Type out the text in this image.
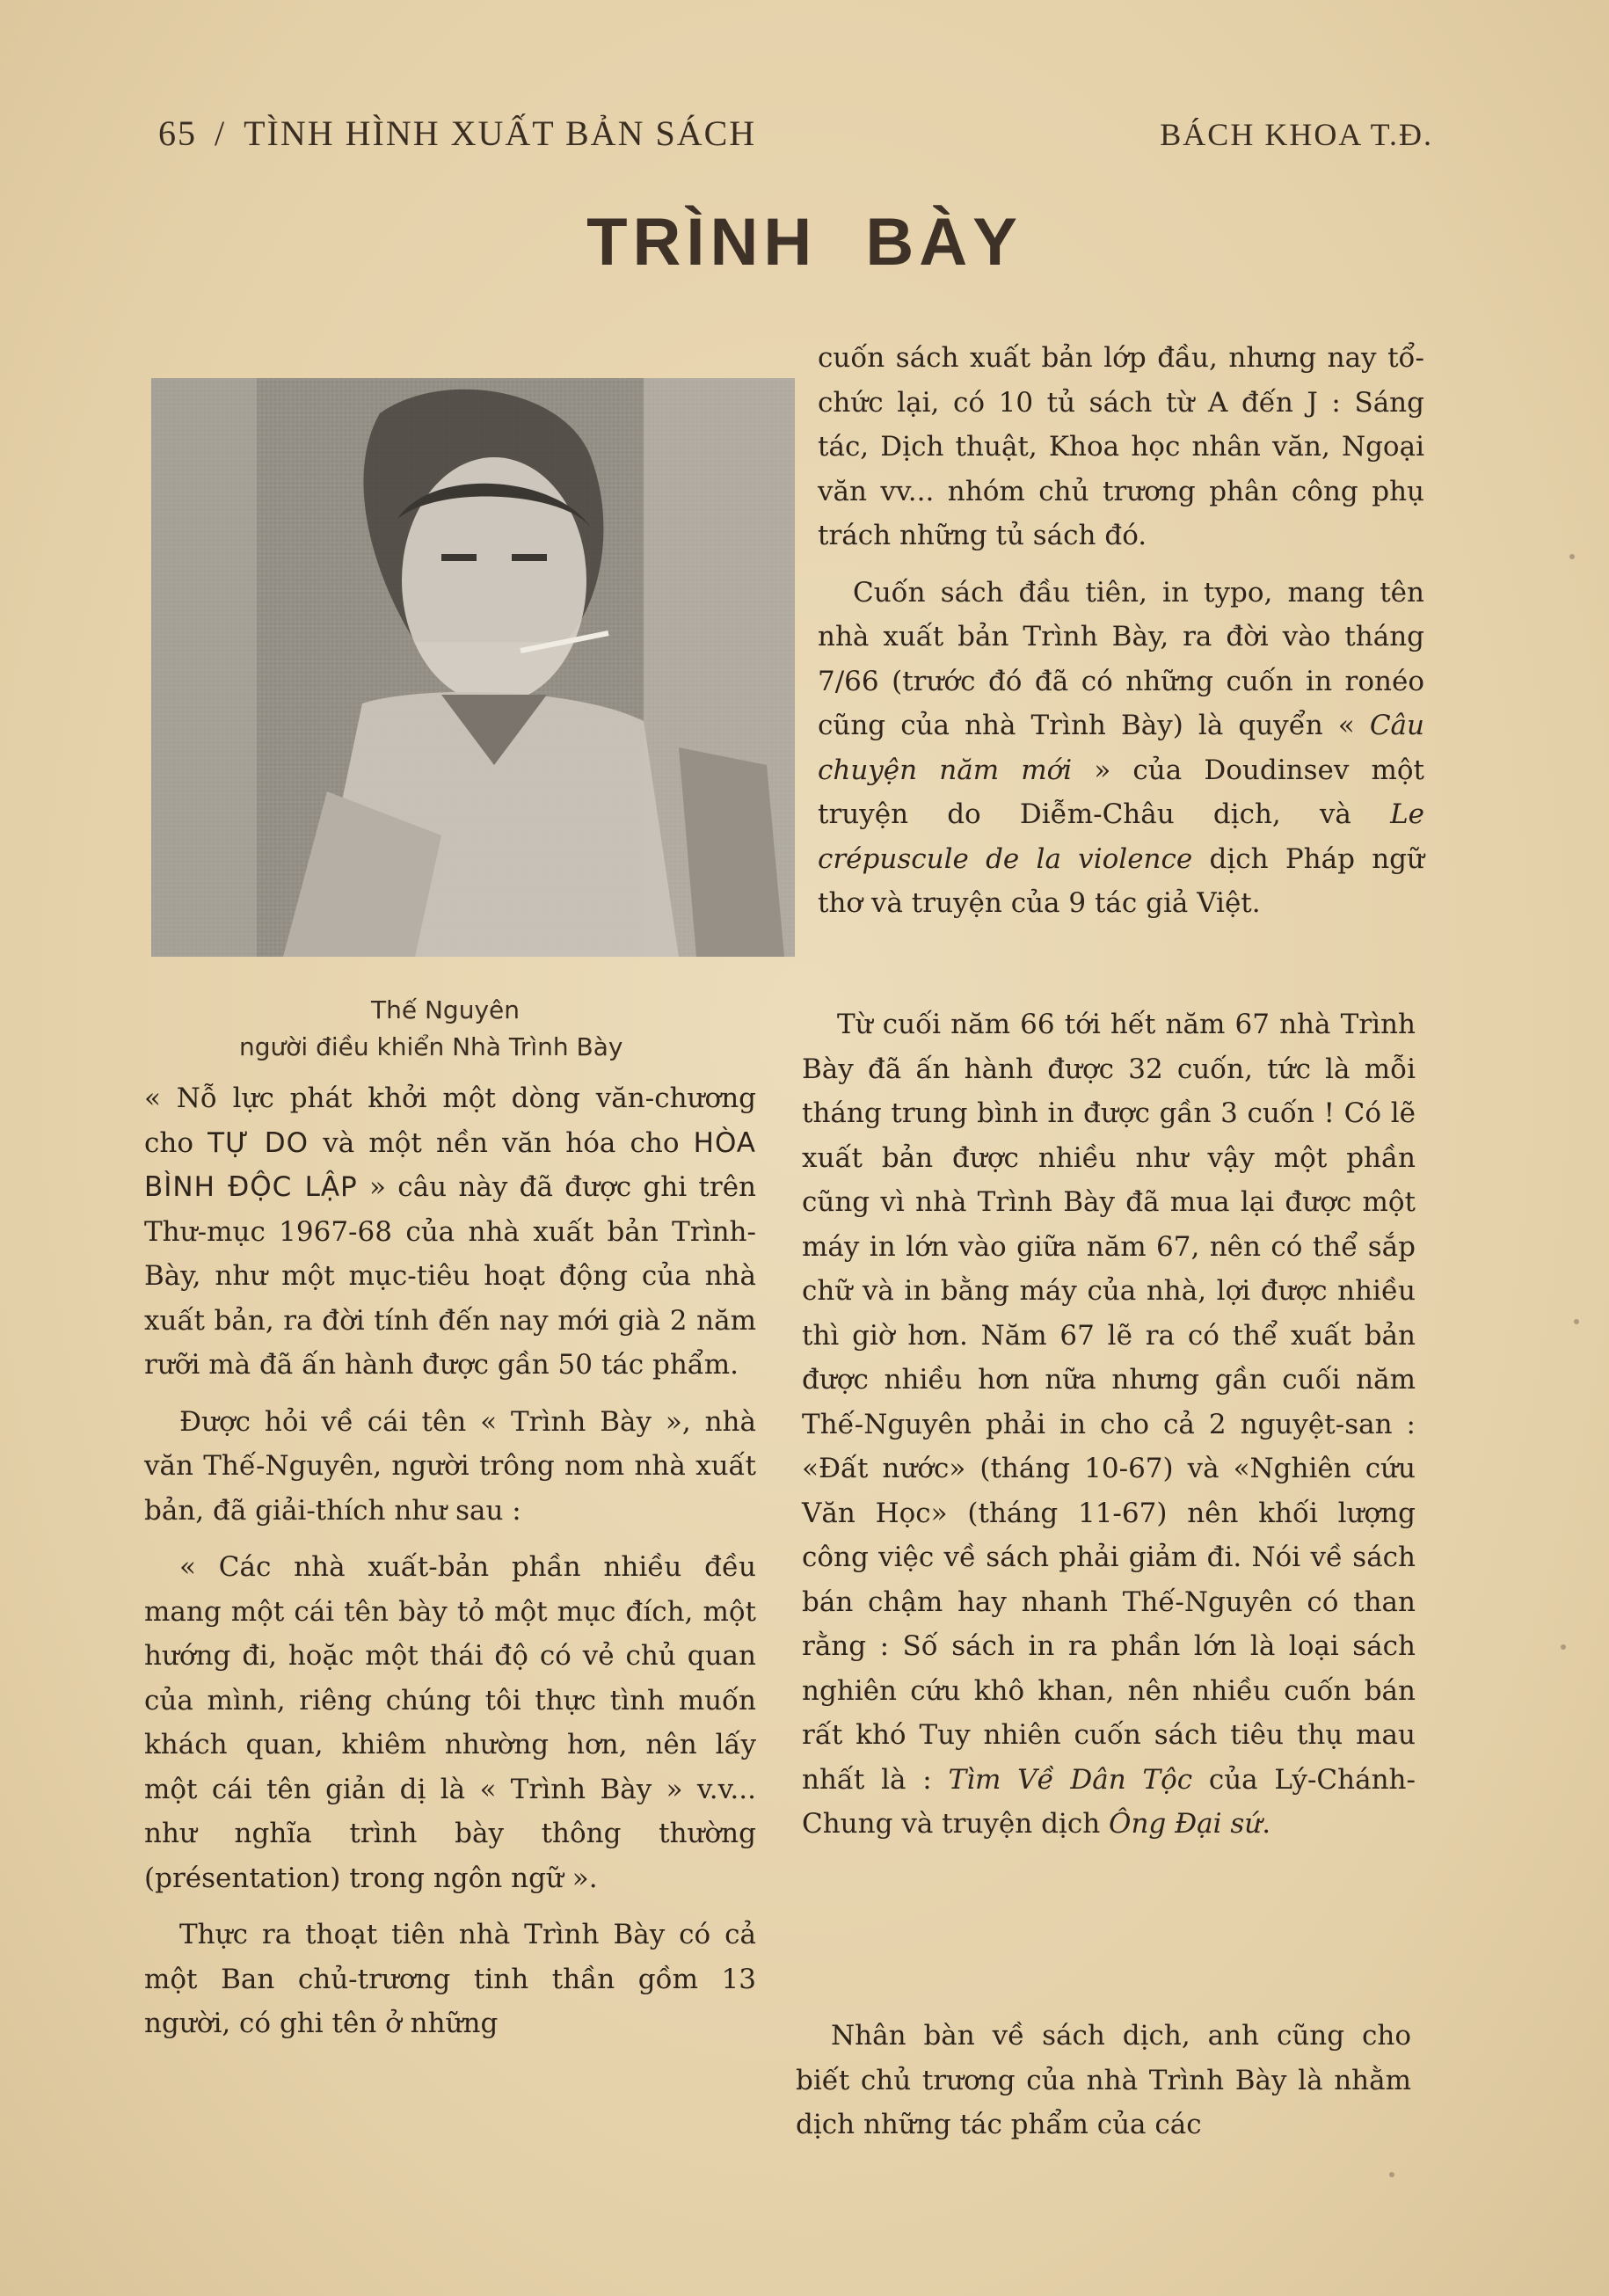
65 / TÌNH HÌNH XUẤT BẢN SÁCH	BÁCH KHOA T.Đ.
TRÌNH BÀY
Thế Nguyên
người điều khiển Nhà Trình Bày

« Nỗ lực phát khởi một dòng văn-chương cho TỰ DO và một nền văn hóa cho HÒA BÌNH ĐỘC LẬP » câu này đã được ghi trên Thư-mục 1967-68 của nhà xuất bản Trình-Bày, như một mục-tiêu hoạt động của nhà xuất bản, ra đời tính đến nay mới già 2 năm rưỡi mà đã ấn hành được gần 50 tác phẩm.

Được hỏi về cái tên « Trình Bày », nhà văn Thế-Nguyên, người trông nom nhà xuất bản, đã giải-thích như sau :

« Các nhà xuất-bản phần nhiều đều mang một cái tên bày tỏ một mục đích, một hướng đi, hoặc một thái độ có vẻ chủ quan của mình, riêng chúng tôi thực tình muốn khách quan, khiêm nhường hơn, nên lấy một cái tên giản dị là « Trình Bày » v.v... như nghĩa trình bày thông thường (présentation) trong ngôn ngữ ».

Thực ra thoạt tiên nhà Trình Bày có cả một Ban chủ-trương tinh thần gồm 13 người, có ghi tên ở những

cuốn sách xuất bản lớp đầu, nhưng nay tổ-chức lại, có 10 tủ sách từ A đến J : Sáng tác, Dịch thuật, Khoa học nhân văn, Ngoại văn vv... nhóm chủ trương phân công phụ trách những tủ sách đó.

Cuốn sách đầu tiên, in typo, mang tên nhà xuất bản Trình Bày, ra đời vào tháng 7/66 (trước đó đã có những cuốn in ronéo cũng của nhà Trình Bày) là quyển « Câu chuyện năm mới » của Doudinsev một truyện do Diễm-Châu dịch, và Le crépuscule de la violence dịch Pháp ngữ thơ và truyện của 9 tác giả Việt.

Từ cuối năm 66 tới hết năm 67 nhà Trình Bày đã ấn hành được 32 cuốn, tức là mỗi tháng trung bình in được gần 3 cuốn ! Có lẽ xuất bản được nhiều như vậy một phần cũng vì nhà Trình Bày đã mua lại được một máy in lớn vào giữa năm 67, nên có thể sắp chữ và in bằng máy của nhà, lợi được nhiều thì giờ hơn. Năm 67 lẽ ra có thể xuất bản được nhiều hơn nữa nhưng gần cuối năm Thế-Nguyên phải in cho cả 2 nguyệt-san : «Đất nước» (tháng 10-67) và «Nghiên cứu Văn Học» (tháng 11-67) nên khối lượng công việc về sách phải giảm đi. Nói về sách bán chậm hay nhanh Thế-Nguyên có than rằng : Số sách in ra phần lớn là loại sách nghiên cứu khô khan, nên nhiều cuốn bán rất khó Tuy nhiên cuốn sách tiêu thụ mau nhất là : Tìm Về Dân Tộc của Lý-Chánh-Chung và truyện dịch Ông Đại sứ.

Nhân bàn về sách dịch, anh cũng cho biết chủ trương của nhà Trình Bày là nhằm dịch những tác phẩm của các
